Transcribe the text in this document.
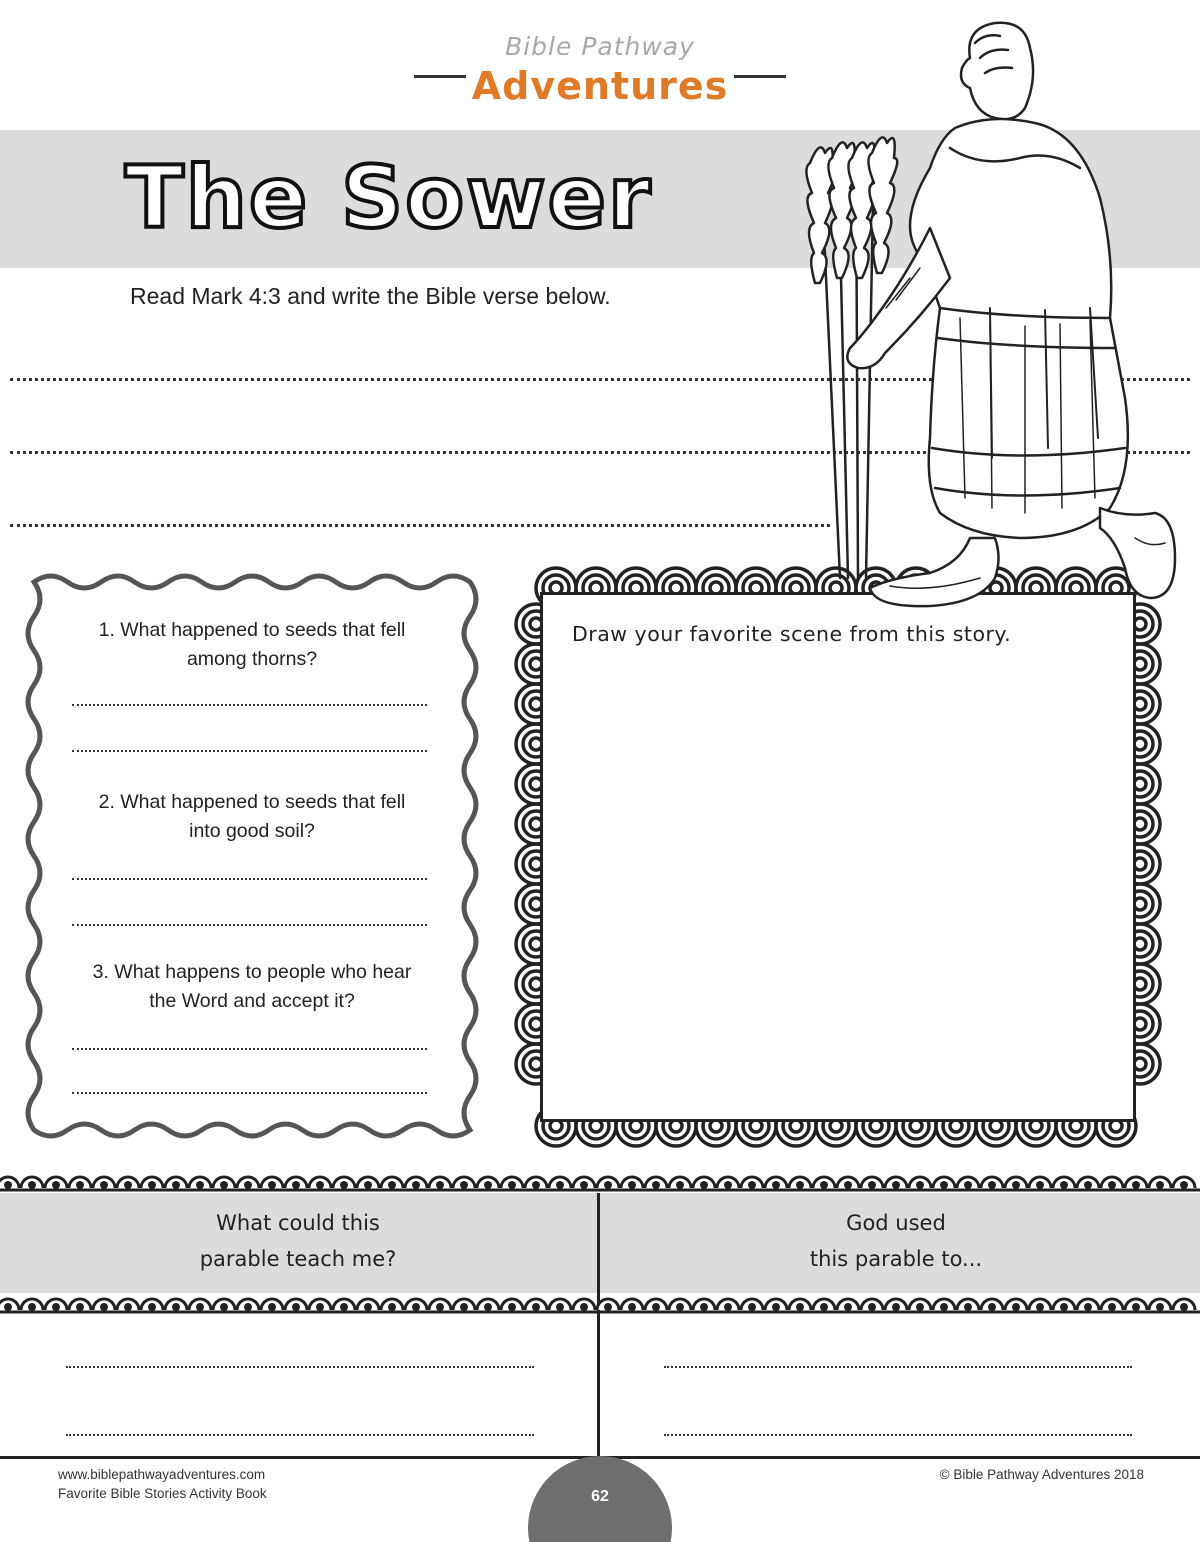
Bible Pathway
Adventures
The Sower
Read Mark 4:3 and write the Bible verse below.
1. What happened to seeds that fell
among thorns?
2. What happened to seeds that fell
into good soil?
3. What happens to people who hear
the Word and accept it?
Draw your favorite scene from this story.
What could this
parable teach me?
God used
this parable to...
www.biblepathwayadventures.com
Favorite Bible Stories Activity Book
© Bible Pathway Adventures 2018
62
